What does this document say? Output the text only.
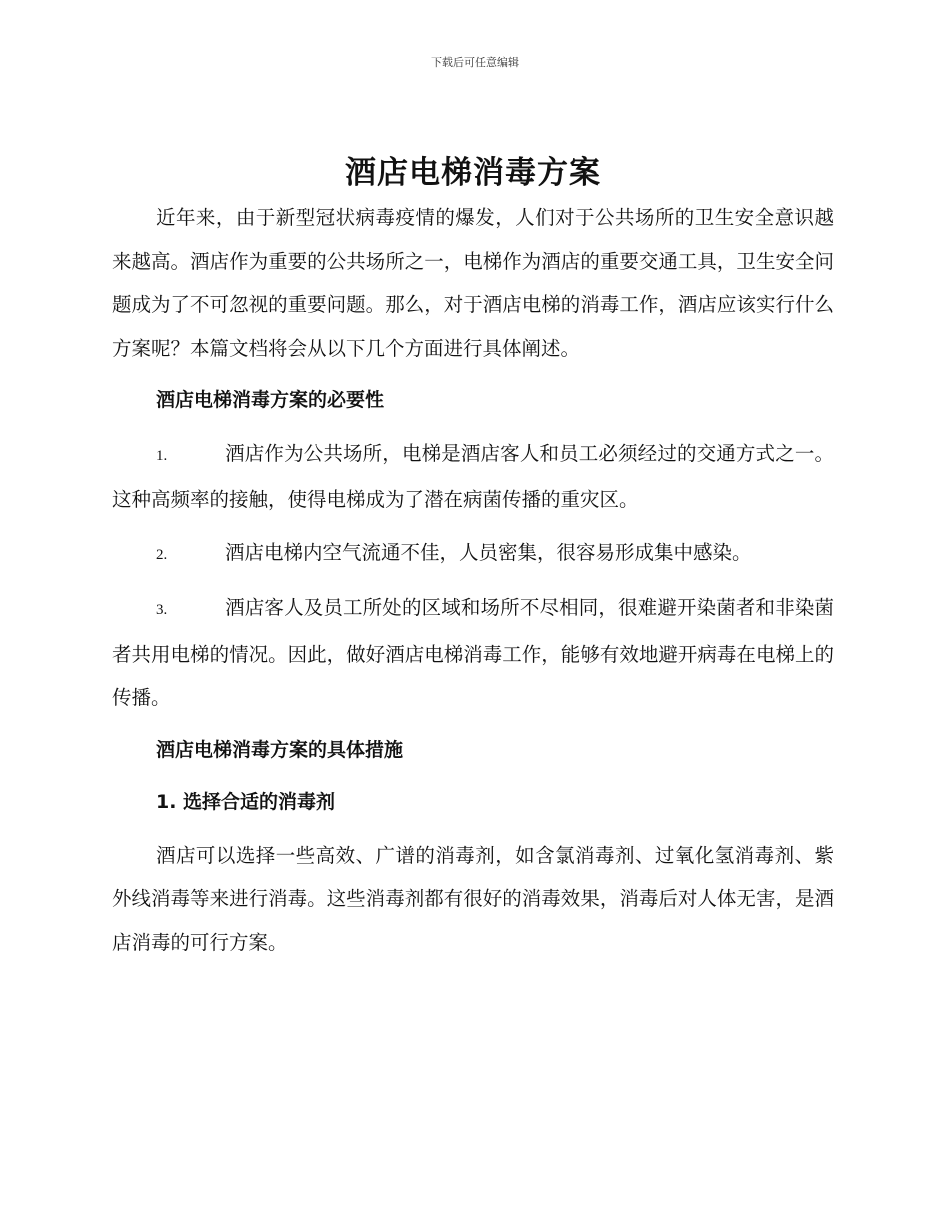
下载后可任意编辑
酒店电梯消毒方案

近年来，由于新型冠状病毒疫情的爆发，人们对于公共场所的卫生安全意识越来越高。酒店作为重要的公共场所之一，电梯作为酒店的重要交通工具，卫生安全问题成为了不可忽视的重要问题。那么，对于酒店电梯的消毒工作，酒店应该实行什么方案呢？本篇文档将会从以下几个方面进行具体阐述。

酒店电梯消毒方案的必要性

1.	酒店作为公共场所，电梯是酒店客人和员工必须经过的交通方式之一。这种高频率的接触，使得电梯成为了潜在病菌传播的重灾区。

2.	酒店电梯内空气流通不佳，人员密集，很容易形成集中感染。

3.	酒店客人及员工所处的区域和场所不尽相同，很难避开染菌者和非染菌者共用电梯的情况。因此，做好酒店电梯消毒工作，能够有效地避开病毒在电梯上的传播。

酒店电梯消毒方案的具体措施

1. 选择合适的消毒剂

酒店可以选择一些高效、广谱的消毒剂，如含氯消毒剂、过氧化氢消毒剂、紫外线消毒等来进行消毒。这些消毒剂都有很好的消毒效果，消毒后对人体无害，是酒店消毒的可行方案。
